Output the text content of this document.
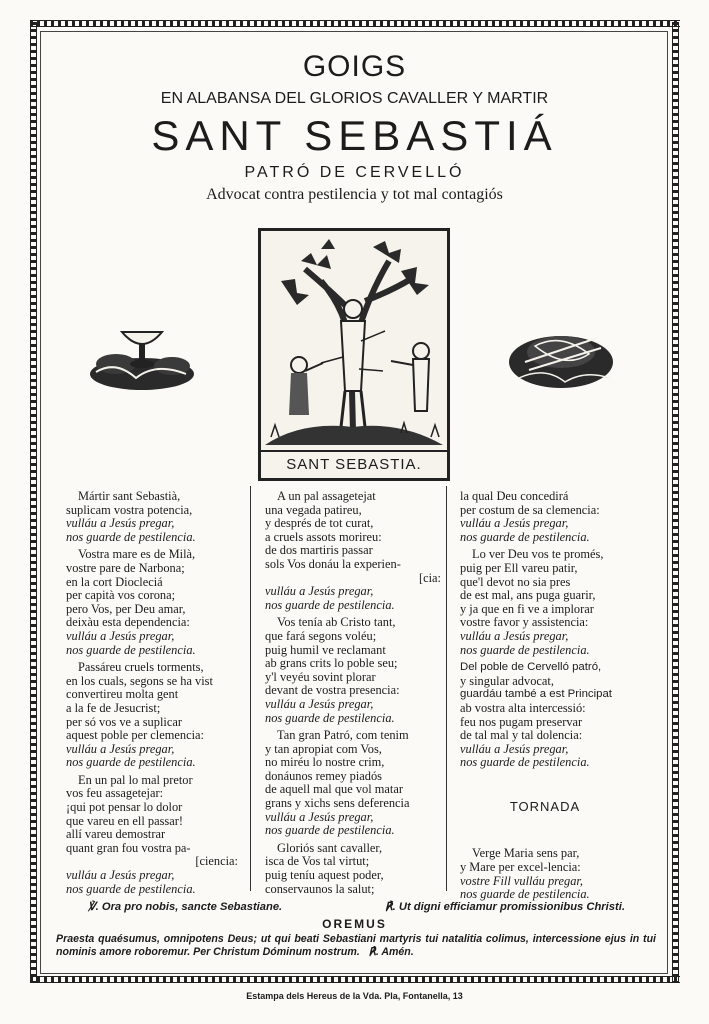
GOIGS
EN ALABANSA DEL GLORIOS CAVALLER Y MARTIR
SANT SEBASTIÁ
PATRÓ DE CERVELLÓ
Advocat contra pestilencia y tot mal contagiós
SANT SEBASTIA.
Mártir sant Sebastià,
suplicam vostra potencia,
vulláu a Jesús pregar,
nos guarde de pestilencia.
Vostra mare es de Milà,
vostre pare de Narbona;
en la cort Diocleciá
per capità vos corona;
pero Vos, per Deu amar,
deixàu esta dependencia:
vulláu a Jesús pregar,
nos guarde de pestilencia.
Passáreu cruels torments,
en los cuals, segons se ha vist
convertireu molta gent
a la fe de Jesucrist;
per só vos ve a suplicar
aquest poble per clemencia:
vulláu a Jesús pregar,
nos guarde de pestilencia.
En un pal lo mal pretor
vos feu assagetejar:
¡qui pot pensar lo dolor
que vareu en ell passar!
allí vareu demostrar
quant gran fou vostra pa-
[ciencia:
vulláu a Jesús pregar,
nos guarde de pestilencia.
A un pal assagetejat
una vegada patireu,
y després de tot curat,
a cruels assots morireu:
de dos martiris passar
sols Vos donáu la experien-
[cia:
vulláu a Jesús pregar,
nos guarde de pestilencia.
Vos tenía ab Cristo tant,
que fará segons voléu;
puig humil ve reclamant
ab grans crits lo poble seu;
y'l veyéu sovint plorar
devant de vostra presencia:
vulláu a Jesús pregar,
nos guarde de pestilencia.
Tan gran Patró, com tenim
y tan apropiat com Vos,
no miréu lo nostre crim,
donáunos remey piadós
de aquell mal que vol matar
grans y xichs sens deferencia
vulláu a Jesús pregar,
nos guarde de pestilencia.
Gloriós sant cavaller,
isca de Vos tal virtut;
puig teníu aquest poder,
conservaunos la salut;
la qual Deu concedirá
per costum de sa clemencia:
vulláu a Jesús pregar,
nos guarde de pestilencia.
Lo ver Deu vos te promés,
puig per Ell vareu patir,
que'l devot no sia pres
de est mal, ans puga guarir,
y ja que en fi ve a implorar
vostre favor y assistencia:
vulláu a Jesús pregar,
nos guarde de pestilencia.
Del poble de Cervelló patró,
y singular advocat,
guardáu també a est Principat
ab vostra alta intercessió:
feu nos pugam preservar
de tal mal y tal dolencia:
vulláu a Jesús pregar,
nos guarde de pestilencia.
TORNADA
Verge Maria sens par,
y Mare per excel-lencia:
vostre Fill vulláu pregar,
nos guarde de pestilencia.
℣. Ora pro nobis, sancte Sebastiane.	℟. Ut digni efficiamur promissionibus Christi.
OREMUS
Praesta quaésumus, omnipotens Deus; ut qui beati Sebastiani martyris tui natalitia colimus, intercessione ejus in tui nominis amore roboremur. Per Christum Dóminum nostrum. ℟. Amén.
Estampa dels Hereus de la Vda. Pla, Fontanella, 13
